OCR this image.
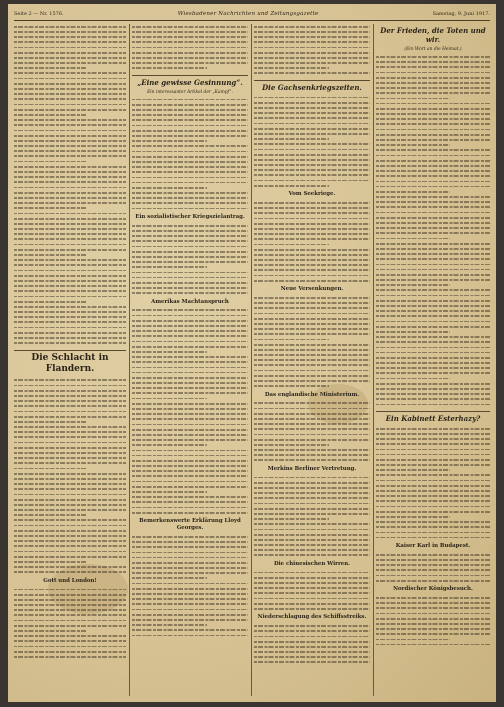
Seite 2 — Nr. 1576.	Wiesbadener Nachrichten und Zeitungsgazette	Samstag, 9. Juni 1917.
Die Schlacht in Flandern.
Gott und London!
„Eine gewisse Gesinnung“.
Ein interessanter Artikel der „Kampf“.
Ein sozialistischer Kriegszielantrag.
Amerikas Machtanspruch
Bemerkenswerte Erklärung Lloyd Georges.
Die Gachsenkriegszeiten.
Vom Seekriege.
Neue Versenkungen.
Das englandische Ministerium.
Merkins Berliner Vertretung.
Die chinesischen Wirren.
Niederschlagung des Schiffsstreiks.
Der Frieden, die Toten und wir.
(Ein Wort an die Heimat.)
Ein Kabinett Esterhazy?
Kaiser Karl in Budapest.
Nordischer Königsbesuch.
